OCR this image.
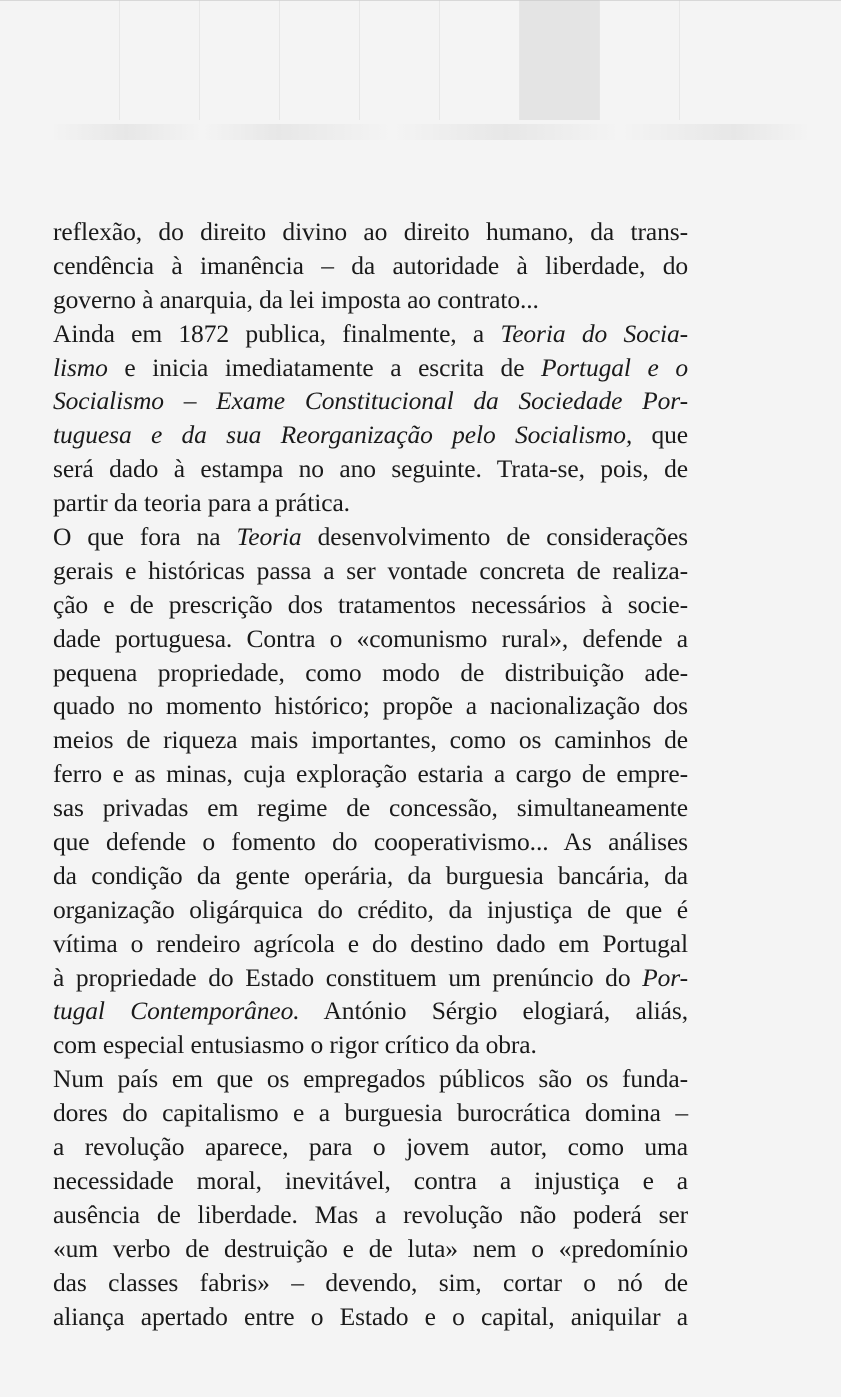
reflexão, do direito divino ao direito humano, da trans-
cendência à imanência – da autoridade à liberdade, do
governo à anarquia, da lei imposta ao contrato...
Ainda em 1872 publica, finalmente, a Teoria do Socia-
lismo e inicia imediatamente a escrita de Portugal e o
Socialismo – Exame Constitucional da Sociedade Por-
tuguesa e da sua Reorganização pelo Socialismo, que
será dado à estampa no ano seguinte. Trata-se, pois, de
partir da teoria para a prática.
O que fora na Teoria desenvolvimento de considerações
gerais e históricas passa a ser vontade concreta de realiza-
ção e de prescrição dos tratamentos necessários à socie-
dade portuguesa. Contra o «comunismo rural», defende a
pequena propriedade, como modo de distribuição ade-
quado no momento histórico; propõe a nacionalização dos
meios de riqueza mais importantes, como os caminhos de
ferro e as minas, cuja exploração estaria a cargo de empre-
sas privadas em regime de concessão, simultaneamente
que defende o fomento do cooperativismo... As análises
da condição da gente operária, da burguesia bancária, da
organização oligárquica do crédito, da injustiça de que é
vítima o rendeiro agrícola e do destino dado em Portugal
à propriedade do Estado constituem um prenúncio do Por-
tugal Contemporâneo. António Sérgio elogiará, aliás,
com especial entusiasmo o rigor crítico da obra.
Num país em que os empregados públicos são os funda-
dores do capitalismo e a burguesia burocrática domina –
a revolução aparece, para o jovem autor, como uma
necessidade moral, inevitável, contra a injustiça e a
ausência de liberdade. Mas a revolução não poderá ser
«um verbo de destruição e de luta» nem o «predomínio
das classes fabris» – devendo, sim, cortar o nó de
aliança apertado entre o Estado e o capital, aniquilar a
